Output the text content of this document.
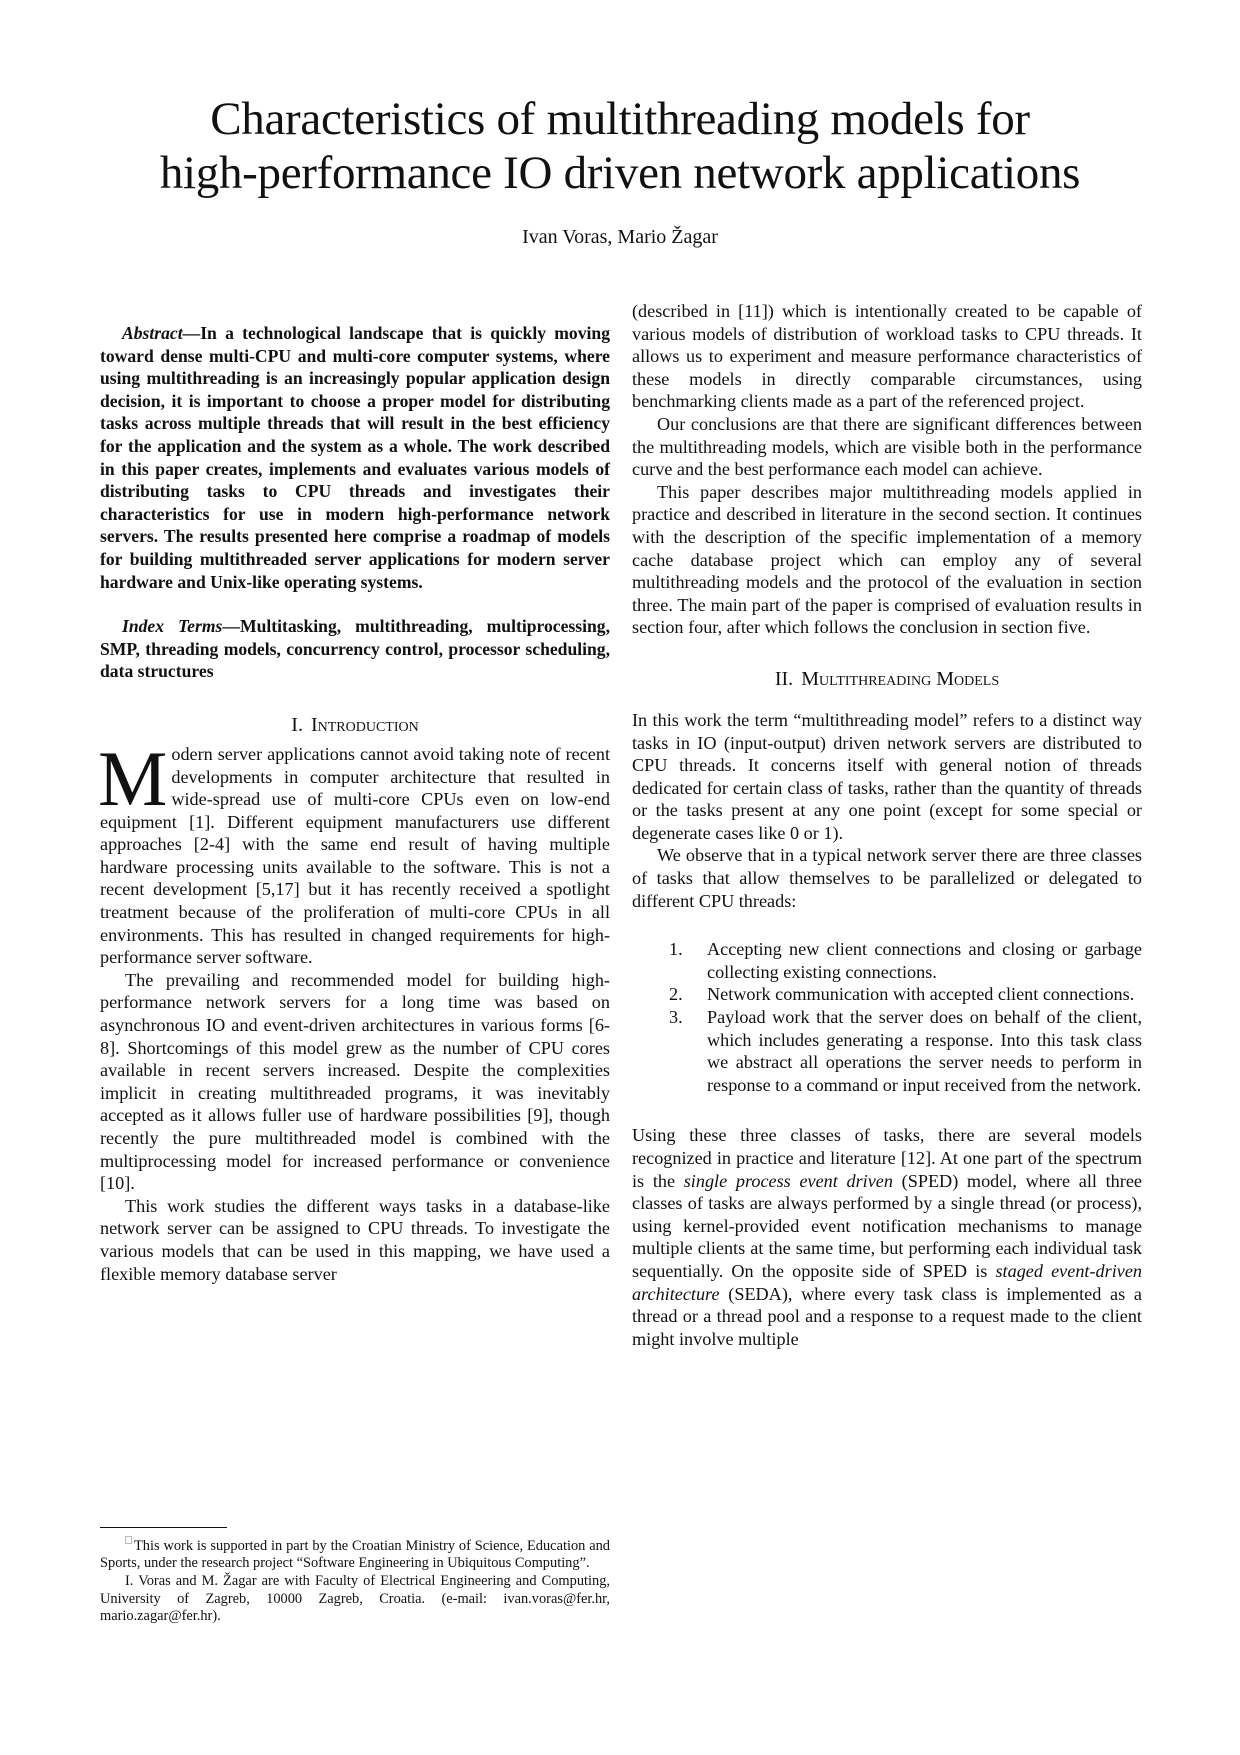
Characteristics of multithreading models for
high-performance IO driven network applications
Ivan Voras, Mario Žagar

Abstract—In a technological landscape that is quickly moving toward dense multi-CPU and multi-core computer systems, where using multithreading is an increasingly popular application design decision, it is important to choose a proper model for distributing tasks across multiple threads that will result in the best efficiency for the application and the system as a whole. The work described in this paper creates, implements and evaluates various models of distributing tasks to CPU threads and investigates their characteristics for use in modern high-performance network servers. The results presented here comprise a roadmap of models for building multithreaded server applications for modern server hardware and Unix-like operating systems.

Index Terms—Multitasking, multithreading, multiprocessing, SMP, threading models, concurrency control, processor scheduling, data structures

I. Introduction

Modern server applications cannot avoid taking note of recent developments in computer architecture that resulted in wide-spread use of multi-core CPUs even on low-end equipment [1]. Different equipment manufacturers use different approaches [2-4] with the same end result of having multiple hardware processing units available to the software. This is not a recent development [5,17] but it has recently received a spotlight treatment because of the proliferation of multi-core CPUs in all environments. This has resulted in changed requirements for high-performance server software.

The prevailing and recommended model for building high-performance network servers for a long time was based on asynchronous IO and event-driven architectures in various forms [6-8]. Shortcomings of this model grew as the number of CPU cores available in recent servers increased. Despite the complexities implicit in creating multithreaded programs, it was inevitably accepted as it allows fuller use of hardware possibilities [9], though recently the pure multithreaded model is combined with the multiprocessing model for increased performance or convenience [10].

This work studies the different ways tasks in a database-like network server can be assigned to CPU threads. To investigate the various models that can be used in this mapping, we have used a flexible memory database server

This work is supported in part by the Croatian Ministry of Science, Education and Sports, under the research project “Software Engineering in Ubiquitous Computing”.

I. Voras and M. Žagar are with Faculty of Electrical Engineering and Computing, University of Zagreb, 10000 Zagreb, Croatia. (e-mail: ivan.voras@fer.hr, mario.zagar@fer.hr).

(described in [11]) which is intentionally created to be capable of various models of distribution of workload tasks to CPU threads. It allows us to experiment and measure performance characteristics of these models in directly comparable circumstances, using benchmarking clients made as a part of the referenced project.

Our conclusions are that there are significant differences between the multithreading models, which are visible both in the performance curve and the best performance each model can achieve.

This paper describes major multithreading models applied in practice and described in literature in the second section. It continues with the description of the specific implementation of a memory cache database project which can employ any of several multithreading models and the protocol of the evaluation in section three. The main part of the paper is comprised of evaluation results in section four, after which follows the conclusion in section five.

II. Multithreading Models

In this work the term “multithreading model” refers to a distinct way tasks in IO (input-output) driven network servers are distributed to CPU threads. It concerns itself with general notion of threads dedicated for certain class of tasks, rather than the quantity of threads or the tasks present at any one point (except for some special or degenerate cases like 0 or 1).

We observe that in a typical network server there are three classes of tasks that allow themselves to be parallelized or delegated to different CPU threads:

1. Accepting new client connections and closing or garbage collecting existing connections.
2. Network communication with accepted client connections.
3. Payload work that the server does on behalf of the client, which includes generating a response. Into this task class we abstract all operations the server needs to perform in response to a command or input received from the network.

Using these three classes of tasks, there are several models recognized in practice and literature [12]. At one part of the spectrum is the single process event driven (SPED) model, where all three classes of tasks are always performed by a single thread (or process), using kernel-provided event notification mechanisms to manage multiple clients at the same time, but performing each individual task sequentially. On the opposite side of SPED is staged event-driven architecture (SEDA), where every task class is implemented as a thread or a thread pool and a response to a request made to the client might involve multiple
